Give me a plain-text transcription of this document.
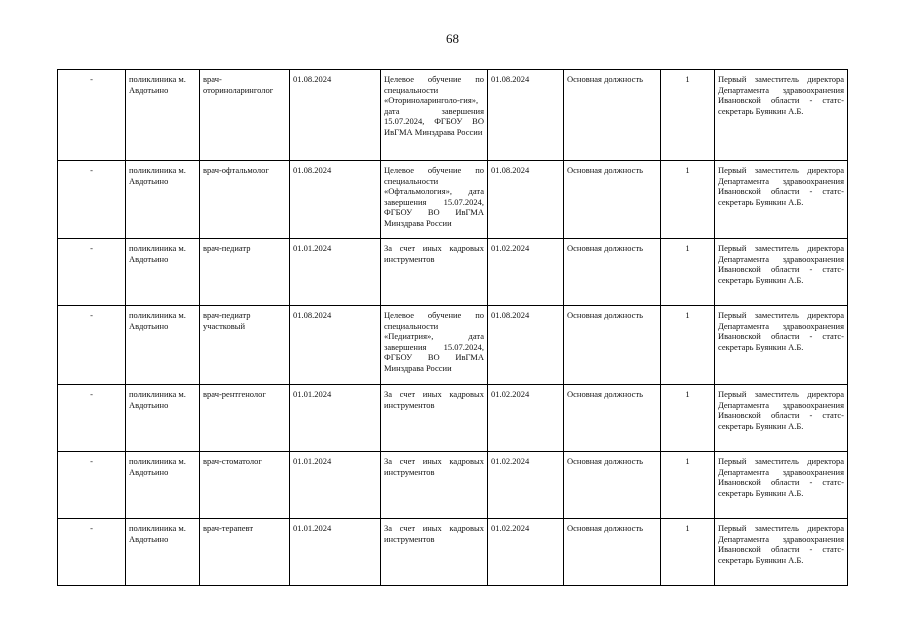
68
-	поликлиника м. Авдотьино	врач-оториноларинголог	01.08.2024	Целевое обучение по специальности «Оториноларинголо-гия», дата завершения 15.07.2024, ФГБОУ ВО ИвГМА Минздрава России	01.08.2024	Основная должность	1	Первый заместитель директора Департамента здравоохранения Ивановской области - статс-секретарь Буянкин А.Б.
-	поликлиника м. Авдотьино	врач-офтальмолог	01.08.2024	Целевое обучение по специальности «Офтальмология», дата завершения 15.07.2024, ФГБОУ ВО ИвГМА Минздрава России	01.08.2024	Основная должность	1	Первый заместитель директора Департамента здравоохранения Ивановской области - статс-секретарь Буянкин А.Б.
-	поликлиника м. Авдотьино	врач-педиатр	01.01.2024	За счет иных кадровых инструментов	01.02.2024	Основная должность	1	Первый заместитель директора Департамента здравоохранения Ивановской области - статс-секретарь Буянкин А.Б.
-	поликлиника м. Авдотьино	врач-педиатр участковый	01.08.2024	Целевое обучение по специальности «Педиатрия», дата завершения 15.07.2024, ФГБОУ ВО ИвГМА Минздрава России	01.08.2024	Основная должность	1	Первый заместитель директора Департамента здравоохранения Ивановской области - статс-секретарь Буянкин А.Б.
-	поликлиника м. Авдотьино	врач-рентгенолог	01.01.2024	За счет иных кадровых инструментов	01.02.2024	Основная должность	1	Первый заместитель директора Департамента здравоохранения Ивановской области - статс-секретарь Буянкин А.Б.
-	поликлиника м. Авдотьино	врач-стоматолог	01.01.2024	За счет иных кадровых инструментов	01.02.2024	Основная должность	1	Первый заместитель директора Департамента здравоохранения Ивановской области - статс-секретарь Буянкин А.Б.
-	поликлиника м. Авдотьино	врач-терапевт	01.01.2024	За счет иных кадровых инструментов	01.02.2024	Основная должность	1	Первый заместитель директора Департамента здравоохранения Ивановской области - статс-секретарь Буянкин А.Б.
